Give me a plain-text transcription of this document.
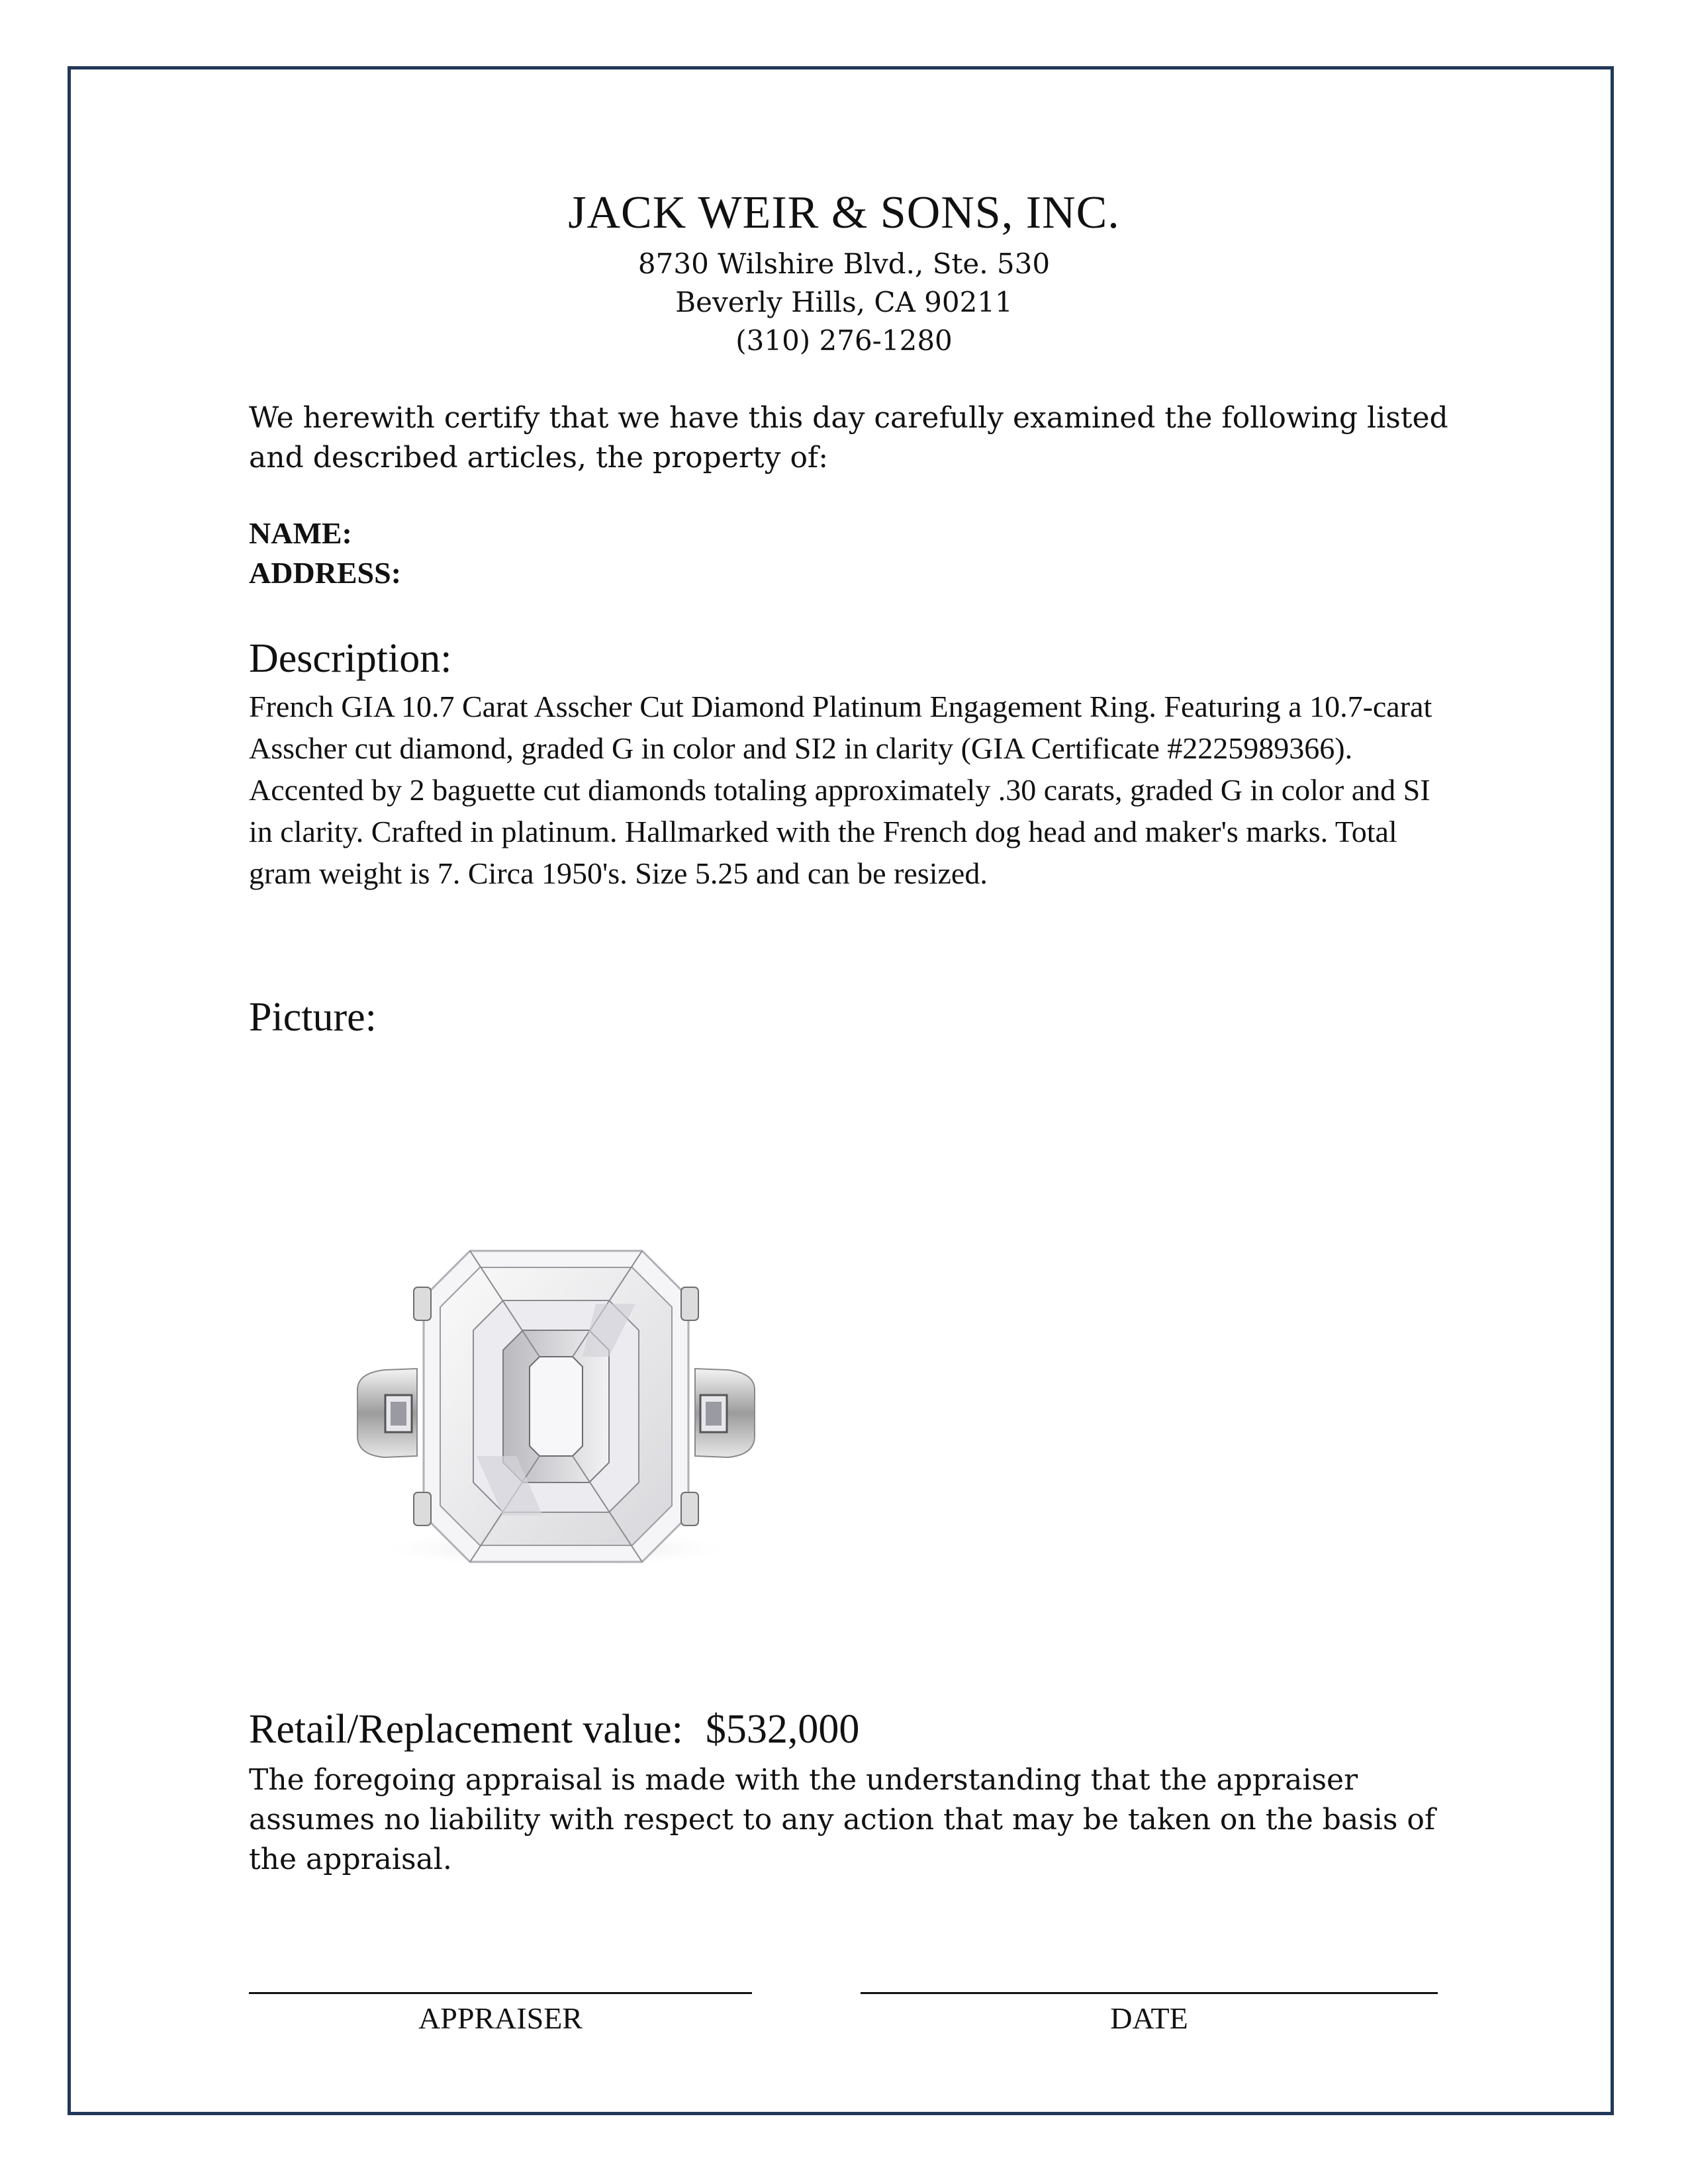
JACK WEIR & SONS, INC.
8730 Wilshire Blvd., Ste. 530
Beverly Hills, CA 90211
(310) 276-1280
We herewith certify that we have this day carefully examined the following listed and described articles, the property of:
NAME:
ADDRESS:
Description:
French GIA 10.7 Carat Asscher Cut Diamond Platinum Engagement Ring. Featuring a 10.7-carat Asscher cut diamond, graded G in color and SI2 in clarity (GIA Certificate #2225989366). Accented by 2 baguette cut diamonds totaling approximately .30 carats, graded G in color and SI in clarity. Crafted in platinum. Hallmarked with the French dog head and maker's marks. Total gram weight is 7. Circa 1950's. Size 5.25 and can be resized.
Picture:
Retail/Replacement value: $532,000
The foregoing appraisal is made with the understanding that the appraiser assumes no liability with respect to any action that may be taken on the basis of the appraisal.
APPRAISER	DATE
